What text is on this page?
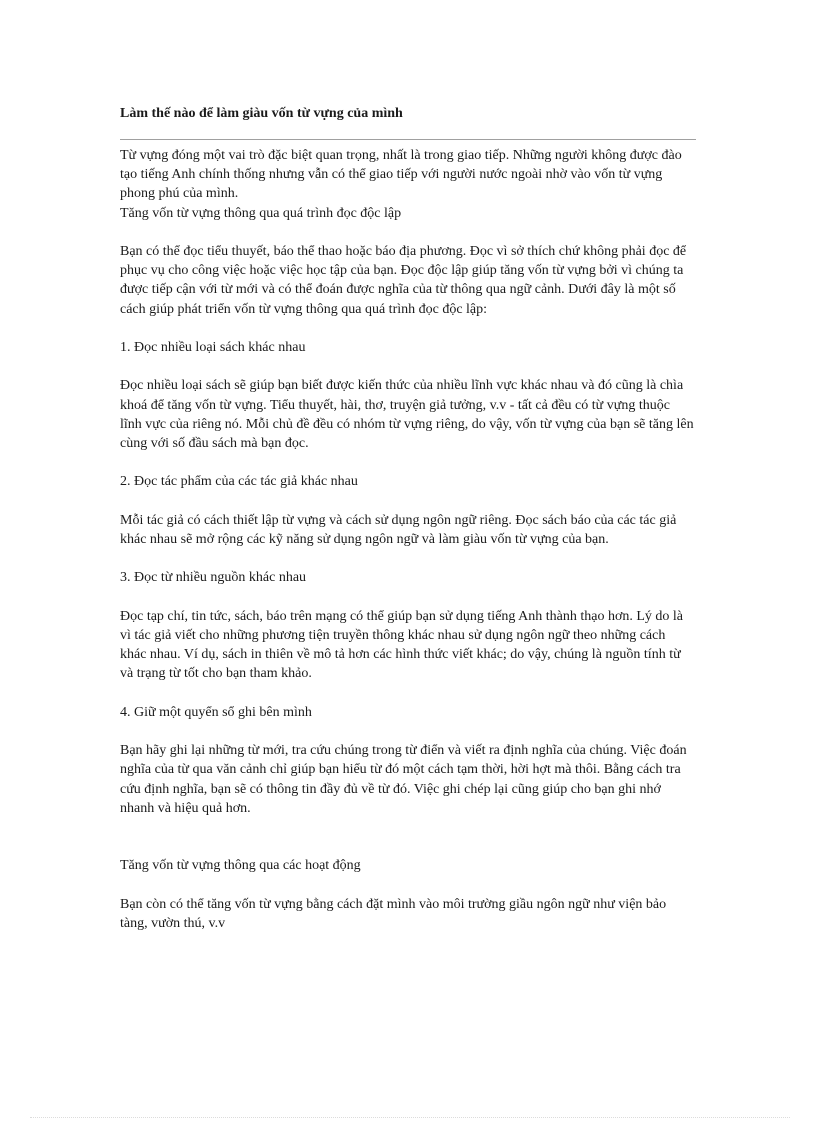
Làm thế nào để làm giàu vốn từ vựng của mình

Từ vựng đóng một vai trò đặc biệt quan trọng, nhất là trong giao tiếp. Những người không được đào tạo tiếng Anh chính thống nhưng vẫn có thể giao tiếp với người nước ngoài nhờ vào vốn từ vựng phong phú của mình.

Tăng vốn từ vựng thông qua quá trình đọc độc lập

Bạn có thể đọc tiểu thuyết, báo thể thao hoặc báo địa phương. Đọc vì sở thích chứ không phải đọc để phục vụ cho công việc hoặc việc học tập của bạn. Đọc độc lập giúp tăng vốn từ vựng bởi vì chúng ta được tiếp cận với từ mới và có thể đoán được nghĩa của từ thông qua ngữ cảnh. Dưới đây là một số cách giúp phát triển vốn từ vựng thông qua quá trình đọc độc lập:

1. Đọc nhiều loại sách khác nhau

Đọc nhiều loại sách sẽ giúp bạn biết được kiến thức của nhiều lĩnh vực khác nhau và đó cũng là chìa khoá để tăng vốn từ vựng. Tiểu thuyết, hài, thơ, truyện giả tưởng, v.v - tất cả đều có từ vựng thuộc lĩnh vực của riêng nó. Mỗi chủ đề đều có nhóm từ vựng riêng, do vậy, vốn từ vựng của bạn sẽ tăng lên cùng với số đầu sách mà bạn đọc.

2. Đọc tác phẩm của các tác giả khác nhau

Mỗi tác giả có cách thiết lập từ vựng và cách sử dụng ngôn ngữ riêng. Đọc sách báo của các tác giả khác nhau sẽ mở rộng các kỹ năng sử dụng ngôn ngữ và làm giàu vốn từ vựng của bạn.

3. Đọc từ nhiều nguồn khác nhau

Đọc tạp chí, tin tức, sách, báo trên mạng có thể giúp bạn sử dụng tiếng Anh thành thạo hơn. Lý do là vì tác giả viết cho những phương tiện truyền thông khác nhau sử dụng ngôn ngữ theo những cách khác nhau. Ví dụ, sách in thiên về mô tả hơn các hình thức viết khác; do vậy, chúng là nguồn tính từ và trạng từ tốt cho bạn tham khảo.

4. Giữ một quyển sổ ghi bên mình

Bạn hãy ghi lại những từ mới, tra cứu chúng trong từ điển và viết ra định nghĩa của chúng. Việc đoán nghĩa của từ qua văn cảnh chỉ giúp bạn hiểu từ đó một cách tạm thời, hời hợt mà thôi. Bằng cách tra cứu định nghĩa, bạn sẽ có thông tin đầy đủ về từ đó. Việc ghi chép lại cũng giúp cho bạn ghi nhớ nhanh và hiệu quả hơn.

Tăng vốn từ vựng thông qua các hoạt động

Bạn còn có thể tăng vốn từ vựng bằng cách đặt mình vào môi trường giầu ngôn ngữ như viện bảo tàng, vườn thú, v.v
